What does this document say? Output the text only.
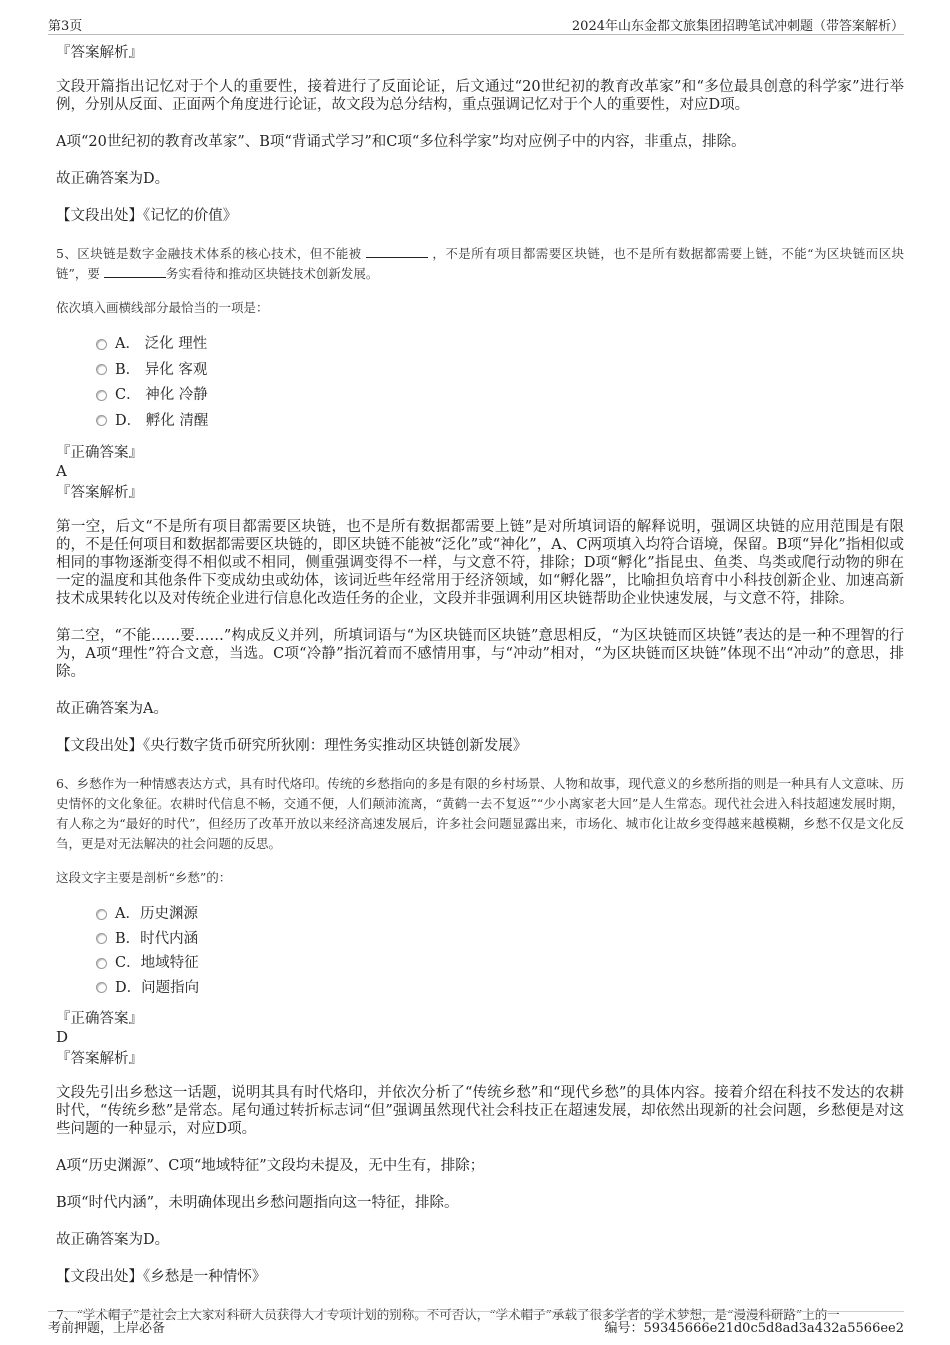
第3页	2024年山东金都文旅集团招聘笔试冲刺题（带答案解析）

『答案解析』

文段开篇指出记忆对于个人的重要性，接着进行了反面论证，后文通过“20世纪初的教育改革家”和“多位最具创意的科学家”进行举例，分别从反面、正面两个角度进行论证，故文段为总分结构，重点强调记忆对于个人的重要性，对应D项。

A项“20世纪初的教育改革家”、B项“背诵式学习”和C项“多位科学家”均对应例子中的内容，非重点，排除。

故正确答案为D。

【文段出处】《记忆的价值》

5、区块链是数字金融技术体系的核心技术，但不能被	，不是所有项目都需要区块链，也不是所有数据都需要上链，不能“为区块链而区块链”，要	务实看待和推动区块链技术创新发展。

依次填入画横线部分最恰当的一项是：

A． 泛化 理性
B． 异化 客观
C． 神化 冷静
D． 孵化 清醒

『正确答案』

A

『答案解析』

第一空，后文“不是所有项目都需要区块链，也不是所有数据都需要上链”是对所填词语的解释说明，强调区块链的应用范围是有限的，不是任何项目和数据都需要区块链的，即区块链不能被“泛化”或“神化”，A、C两项填入均符合语境，保留。B项“异化”指相似或相同的事物逐渐变得不相似或不相同，侧重强调变得不一样，与文意不符，排除；D项“孵化”指昆虫、鱼类、鸟类或爬行动物的卵在一定的温度和其他条件下变成幼虫或幼体，该词近些年经常用于经济领域，如“孵化器”，比喻担负培育中小科技创新企业、加速高新技术成果转化以及对传统企业进行信息化改造任务的企业，文段并非强调利用区块链帮助企业快速发展，与文意不符，排除。

第二空，“不能……要……”构成反义并列，所填词语与“为区块链而区块链”意思相反，“为区块链而区块链”表达的是一种不理智的行为，A项“理性”符合文意，当选。C项“冷静”指沉着而不感情用事，与“冲动”相对，“为区块链而区块链”体现不出“冲动”的意思，排除。

故正确答案为A。

【文段出处】《央行数字货币研究所狄刚：理性务实推动区块链创新发展》

6、乡愁作为一种情感表达方式，具有时代烙印。传统的乡愁指向的多是有限的乡村场景、人物和故事，现代意义的乡愁所指的则是一种具有人文意味、历史情怀的文化象征。农耕时代信息不畅，交通不便，人们颠沛流离，“黄鹤一去不复返”“少小离家老大回”是人生常态。现代社会进入科技超速发展时期，有人称之为“最好的时代”，但经历了改革开放以来经济高速发展后，许多社会问题显露出来，市场化、城市化让故乡变得越来越模糊，乡愁不仅是文化反刍，更是对无法解决的社会问题的反思。

这段文字主要是剖析“乡愁”的：

A．历史渊源
B．时代内涵
C．地域特征
D．问题指向

『正确答案』

D

『答案解析』

文段先引出乡愁这一话题，说明其具有时代烙印，并依次分析了“传统乡愁”和“现代乡愁”的具体内容。接着介绍在科技不发达的农耕时代，“传统乡愁”是常态。尾句通过转折标志词“但”强调虽然现代社会科技正在超速发展，却依然出现新的社会问题，乡愁便是对这些问题的一种显示，对应D项。

A项“历史渊源”、C项“地域特征”文段均未提及，无中生有，排除；

B项“时代内涵”，未明确体现出乡愁问题指向这一特征，排除。

故正确答案为D。

【文段出处】《乡愁是一种情怀》

7、“学术帽子”是社会上大家对科研人员获得人才专项计划的别称。不可否认，“学术帽子”承载了很多学者的学术梦想，是“漫漫科研路”上的一

考前押题，上岸必备	编号：59345666e21d0c5d8ad3a432a5566ee2
